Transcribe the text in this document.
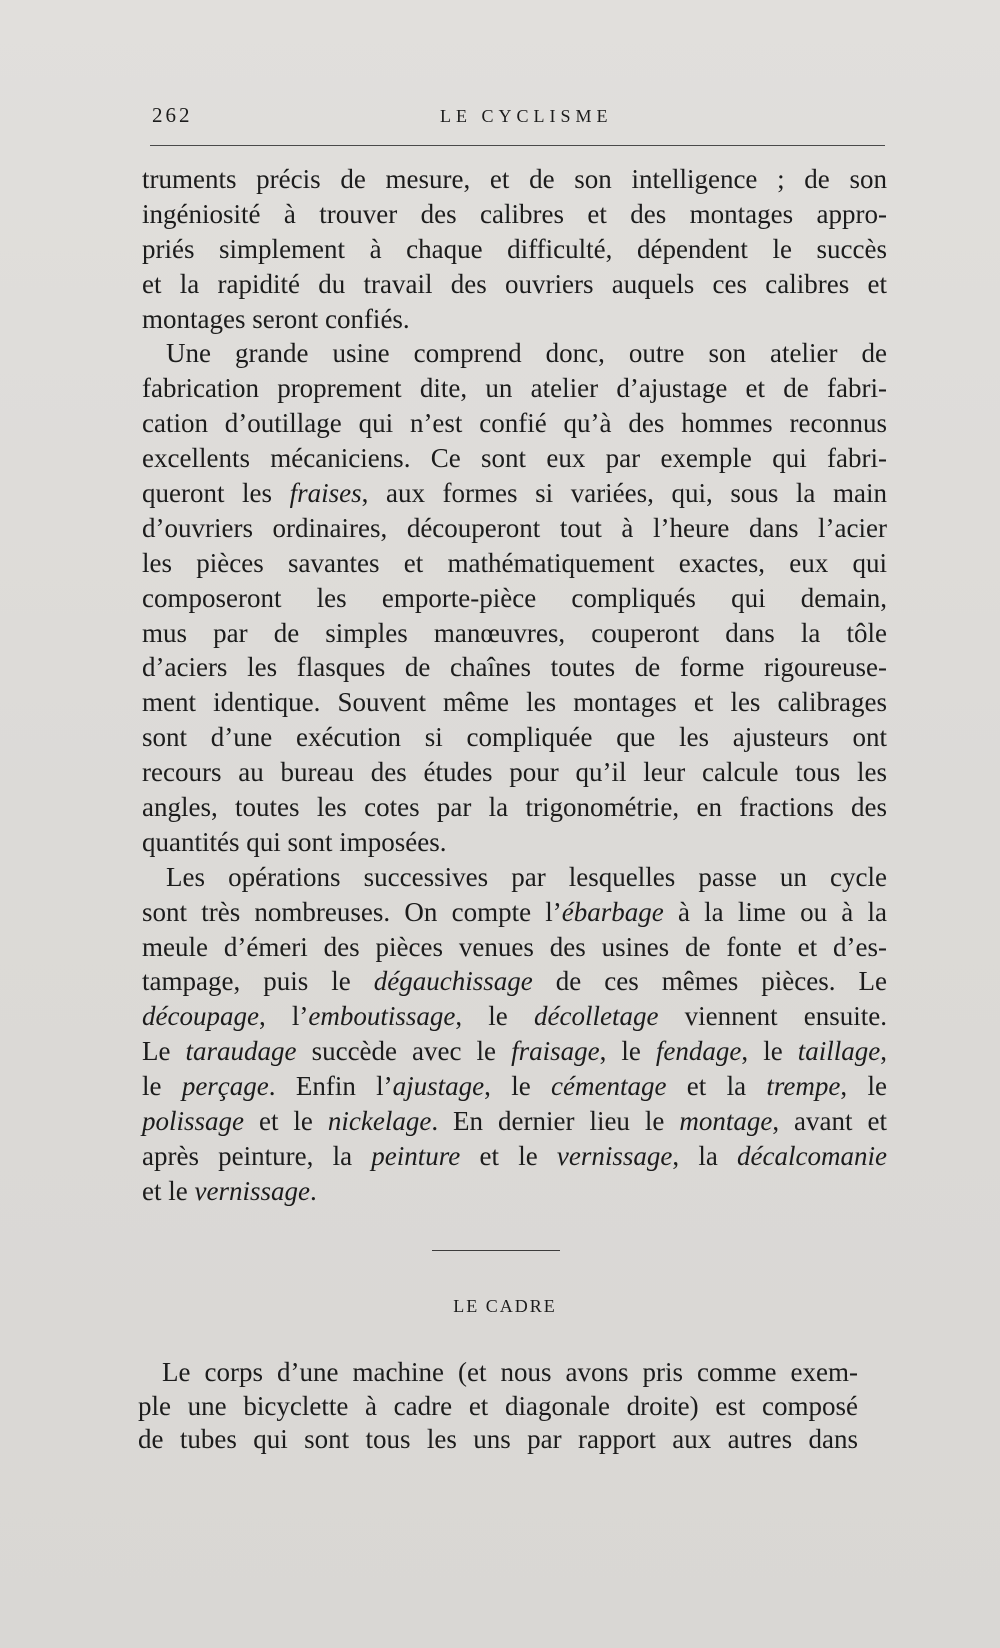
262	LE CYCLISME
truments précis de mesure, et de son intelligence ; de son
ingéniosité à trouver des calibres et des montages appro-
priés simplement à chaque difficulté, dépendent le succès
et la rapidité du travail des ouvriers auquels ces calibres et
montages seront confiés.
Une grande usine comprend donc, outre son atelier de
fabrication proprement dite, un atelier d’ajustage et de fabri-
cation d’outillage qui n’est confié qu’à des hommes reconnus
excellents mécaniciens. Ce sont eux par exemple qui fabri-
queront les fraises, aux formes si variées, qui, sous la main
d’ouvriers ordinaires, découperont tout à l’heure dans l’acier
les pièces savantes et mathématiquement exactes, eux qui
composeront les emporte-pièce compliqués qui demain,
mus par de simples manœuvres, couperont dans la tôle
d’aciers les flasques de chaînes toutes de forme rigoureuse-
ment identique. Souvent même les montages et les calibrages
sont d’une exécution si compliquée que les ajusteurs ont
recours au bureau des études pour qu’il leur calcule tous les
angles, toutes les cotes par la trigonométrie, en fractions des
quantités qui sont imposées.
Les opérations successives par lesquelles passe un cycle
sont très nombreuses. On compte l’ébarbage à la lime ou à la
meule d’émeri des pièces venues des usines de fonte et d’es-
tampage, puis le dégauchissage de ces mêmes pièces. Le
découpage, l’emboutissage, le décolletage viennent ensuite.
Le taraudage succède avec le fraisage, le fendage, le taillage,
le perçage. Enfin l’ajustage, le cémentage et la trempe, le
polissage et le nickelage. En dernier lieu le montage, avant et
après peinture, la peinture et le vernissage, la décalcomanie
et le vernissage.
LE CADRE
Le corps d’une machine (et nous avons pris comme exem-
ple une bicyclette à cadre et diagonale droite) est composé
de tubes qui sont tous les uns par rapport aux autres dans
